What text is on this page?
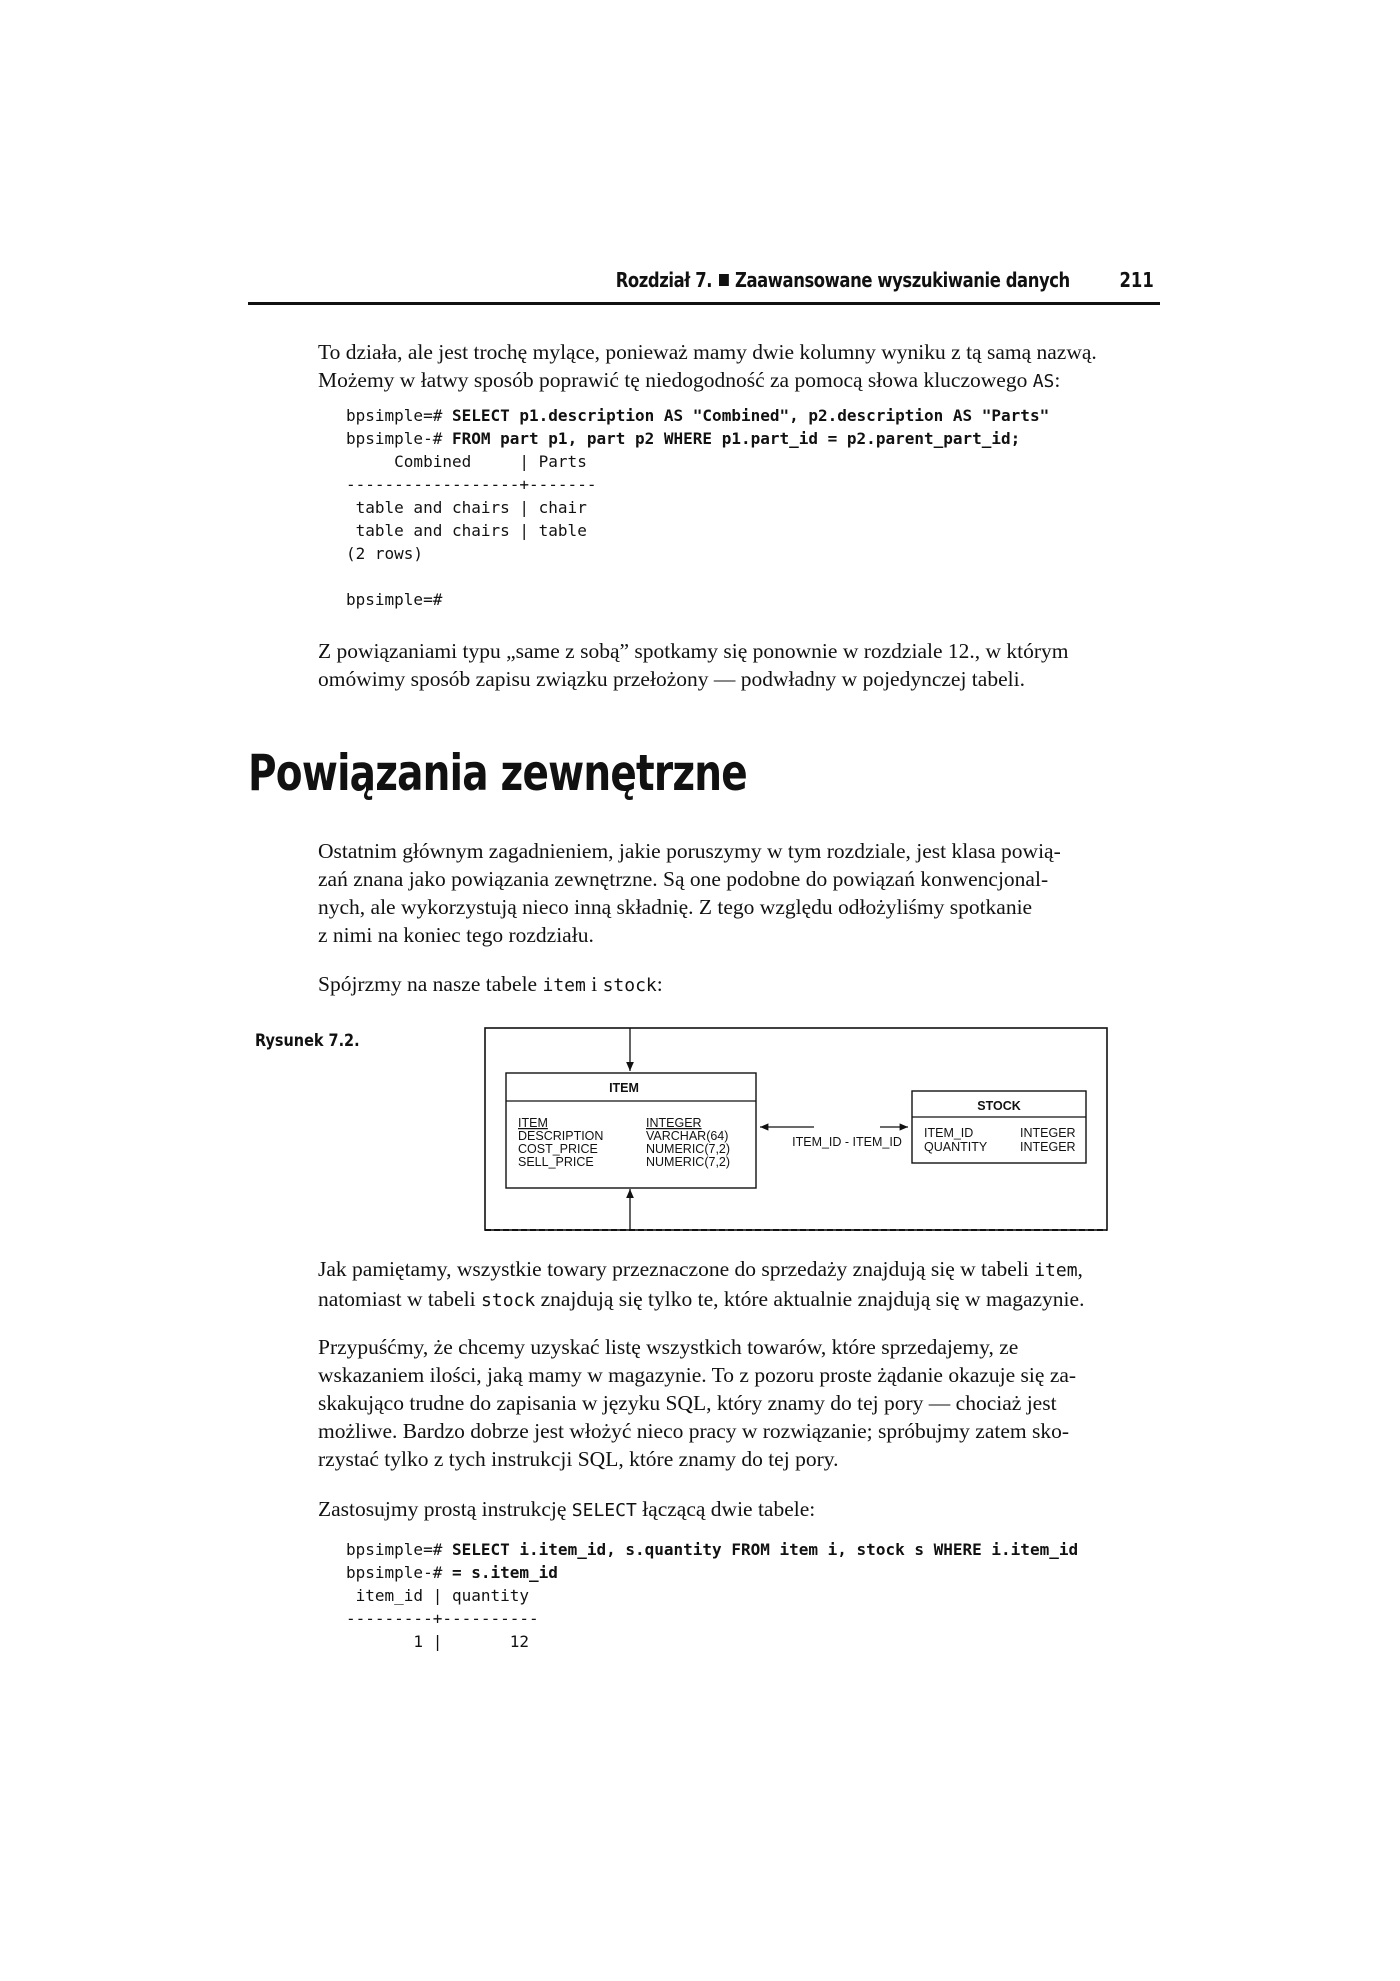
Rozdział 7. Zaawansowane wyszukiwanie danych 211

To działa, ale jest trochę mylące, ponieważ mamy dwie kolumny wyniku z tą samą nazwą.

Możemy w łatwy sposób poprawić tę niedogodność za pomocą słowa kluczowego AS:

bpsimple=# SELECT p1.description AS "Combined", p2.description AS "Parts"
bpsimple-# FROM part p1, part p2 WHERE p1.part_id = p2.parent_part_id;
Combined     | Parts
------------------+-------
table and chairs | chair
table and chairs | table
(2 rows)
bpsimple=#

Z powiązaniami typu „same z sobą” spotkamy się ponownie w rozdziale 12., w którym

omówimy sposób zapisu związku przełożony — podwładny w pojedynczej tabeli.

Powiązania zewnętrzne

Ostatnim głównym zagadnieniem, jakie poruszymy w tym rozdziale, jest klasa powią-

zań znana jako powiązania zewnętrzne. Są one podobne do powiązań konwencjonal-

nych, ale wykorzystują nieco inną składnię. Z tego względu odłożyliśmy spotkanie

z nimi na koniec tego rozdziału.

Spójrzmy na nasze tabele item i stock:

Rysunek 7.2.
ITEM
ITEM	INTEGER
DESCRIPTION	VARCHAR(64)
COST_PRICE	NUMERIC(7,2)
SELL_PRICE	NUMERIC(7,2)
ITEM_ID - ITEM_ID
STOCK
ITEM_ID	INTEGER
QUANTITY	INTEGER

Jak pamiętamy, wszystkie towary przeznaczone do sprzedaży znajdują się w tabeli item,

natomiast w tabeli stock znajdują się tylko te, które aktualnie znajdują się w magazynie.

Przypuśćmy, że chcemy uzyskać listę wszystkich towarów, które sprzedajemy, ze

wskazaniem ilości, jaką mamy w magazynie. To z pozoru proste żądanie okazuje się za-

skakująco trudne do zapisania w języku SQL, który znamy do tej pory — chociaż jest

możliwe. Bardzo dobrze jest włożyć nieco pracy w rozwiązanie; spróbujmy zatem sko-

rzystać tylko z tych instrukcji SQL, które znamy do tej pory.

Zastosujmy prostą instrukcję SELECT łączącą dwie tabele:

bpsimple=# SELECT i.item_id, s.quantity FROM item i, stock s WHERE i.item_id
bpsimple-# = s.item_id
item_id | quantity
---------+----------
1 |       12
